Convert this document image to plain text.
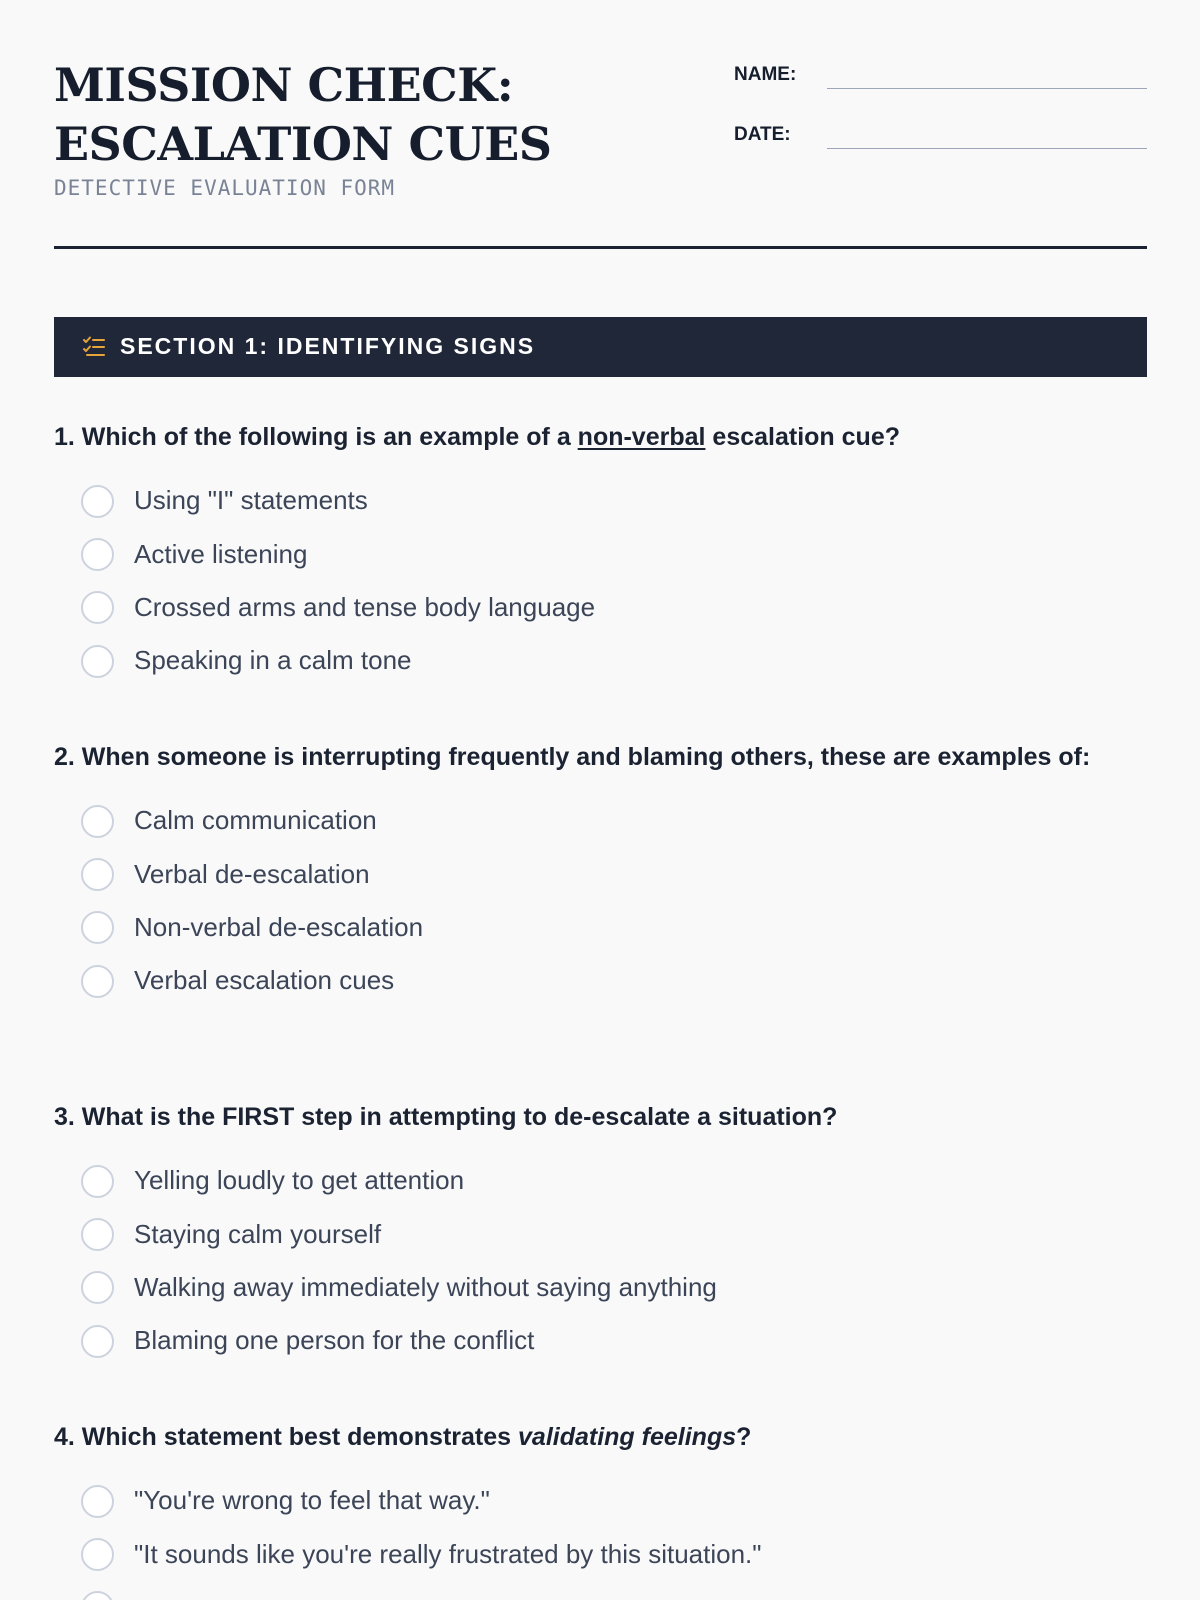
MISSION CHECK:
ESCALATION CUES
DETECTIVE EVALUATION FORM
NAME:
DATE:
SECTION 1: IDENTIFYING SIGNS

1. Which of the following is an example of a non-verbal escalation cue?

Using "I" statements
Active listening
Crossed arms and tense body language
Speaking in a calm tone

2. When someone is interrupting frequently and blaming others, these are examples of:

Calm communication
Verbal de-escalation
Non-verbal de-escalation
Verbal escalation cues

3. What is the FIRST step in attempting to de-escalate a situation?

Yelling loudly to get attention
Staying calm yourself
Walking away immediately without saying anything
Blaming one person for the conflict

4. Which statement best demonstrates validating feelings?

"You're wrong to feel that way."
"It sounds like you're really frustrated by this situation."
